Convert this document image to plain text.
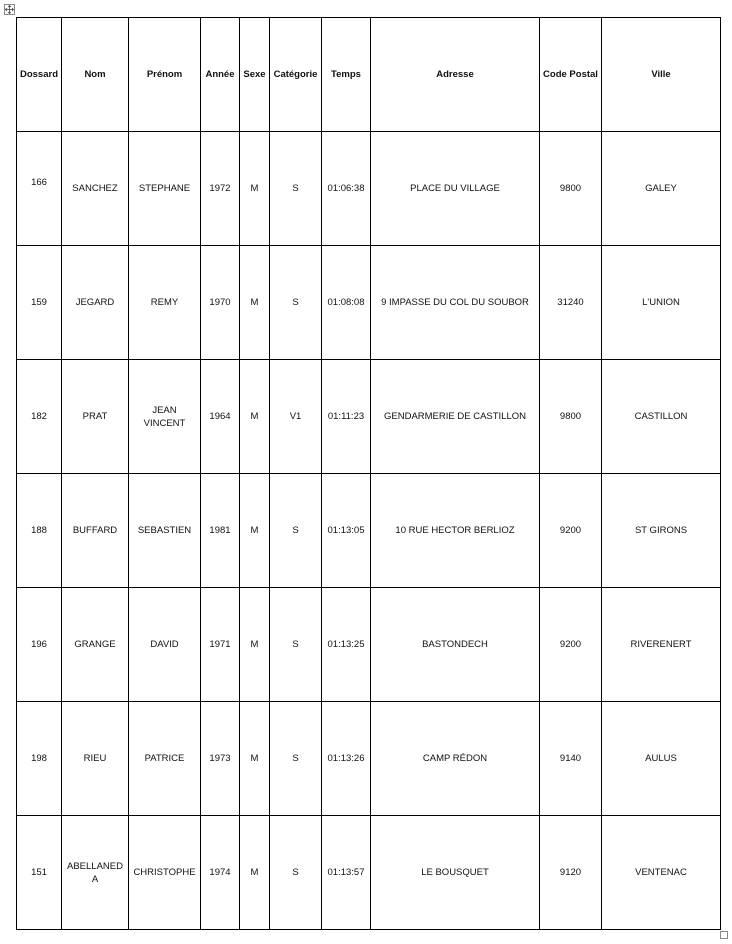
Dossard	Nom	Prénom	Année	Sexe	Catégorie	Temps	Adresse	Code Postal	Ville
166	SANCHEZ	STEPHANE	1972	M	S	01:06:38	PLACE DU VILLAGE	9800	GALEY
159	JEGARD	REMY	1970	M	S	01:08:08	9 IMPASSE DU COL DU SOUBOR	31240	L'UNION
182	PRAT	JEAN VINCENT	1964	M	V1	01:11:23	GENDARMERIE DE CASTILLON	9800	CASTILLON
188	BUFFARD	SEBASTIEN	1981	M	S	01:13:05	10 RUE HECTOR BERLIOZ	9200	ST GIRONS
196	GRANGE	DAVID	1971	M	S	01:13:25	BASTONDECH	9200	RIVERENERT
198	RIEU	PATRICE	1973	M	S	01:13:26	CAMP RÉDON	9140	AULUS
151	ABELLANEDA	CHRISTOPHE	1974	M	S	01:13:57	LE BOUSQUET	9120	VENTENAC
